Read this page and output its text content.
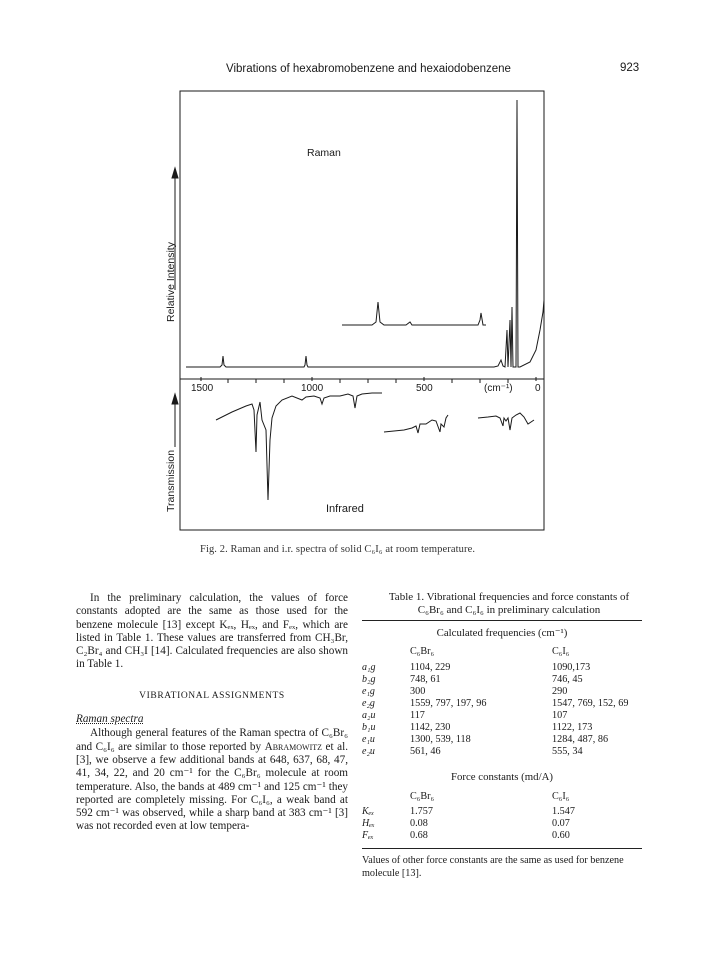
Vibrations of hexabromobenzene and hexaiodobenzene	923
Raman
Infrared
Relative Intensity
Transmission
1500	1000	500	(cm⁻¹) 0
Fig. 2. Raman and i.r. spectra of solid C₆I₆ at room temperature.

In the preliminary calculation, the values of force constants adopted are the same as those used for the benzene molecule [13] except Kₑₓ, Hₑₓ, and Fₑₓ, which are listed in Table 1. These values are transferred from CH₃Br, C₂Br₄ and CH₃I [14]. Calculated frequencies are also shown in Table 1.

VIBRATIONAL ASSIGNMENTS

Raman spectra

Although general features of the Raman spectra of C₆Br₆ and C₆I₆ are similar to those reported by Abramowitz et al. [3], we observe a few additional bands at 648, 637, 68, 47, 41, 34, 22, and 20 cm⁻¹ for the C₆Br₆ molecule at room temperature. Also, the bands at 489 cm⁻¹ and 125 cm⁻¹ they reported are completely missing. For C₆I₆, a weak band at 592 cm⁻¹ was observed, while a sharp band at 383 cm⁻¹ [3] was not recorded even at low tempera-

Table 1. Vibrational frequencies and force constants of
C₆Br₆ and C₆I₆ in preliminary calculation
Calculated frequencies (cm⁻¹)
C₆Br₆	C₆I₆
a₁g	1104, 229	1090,173
b₂g	748, 61	746, 45
e₁g	300	290
e₂g	1559, 797, 197, 96	1547, 769, 152, 69
a₂u	117	107
b₁u	1142, 230	1122, 173
e₁u	1300, 539, 118	1284, 487, 86
e₂u	561, 46	555, 34
Force constants (md/A)
C₆Br₆	C₆I₆
Kₑₓ	1.757	1.547
Hₑₓ	0.08	0.07
Fₑₓ	0.68	0.60
Values of other force constants are the same as used for benzene molecule [13].
